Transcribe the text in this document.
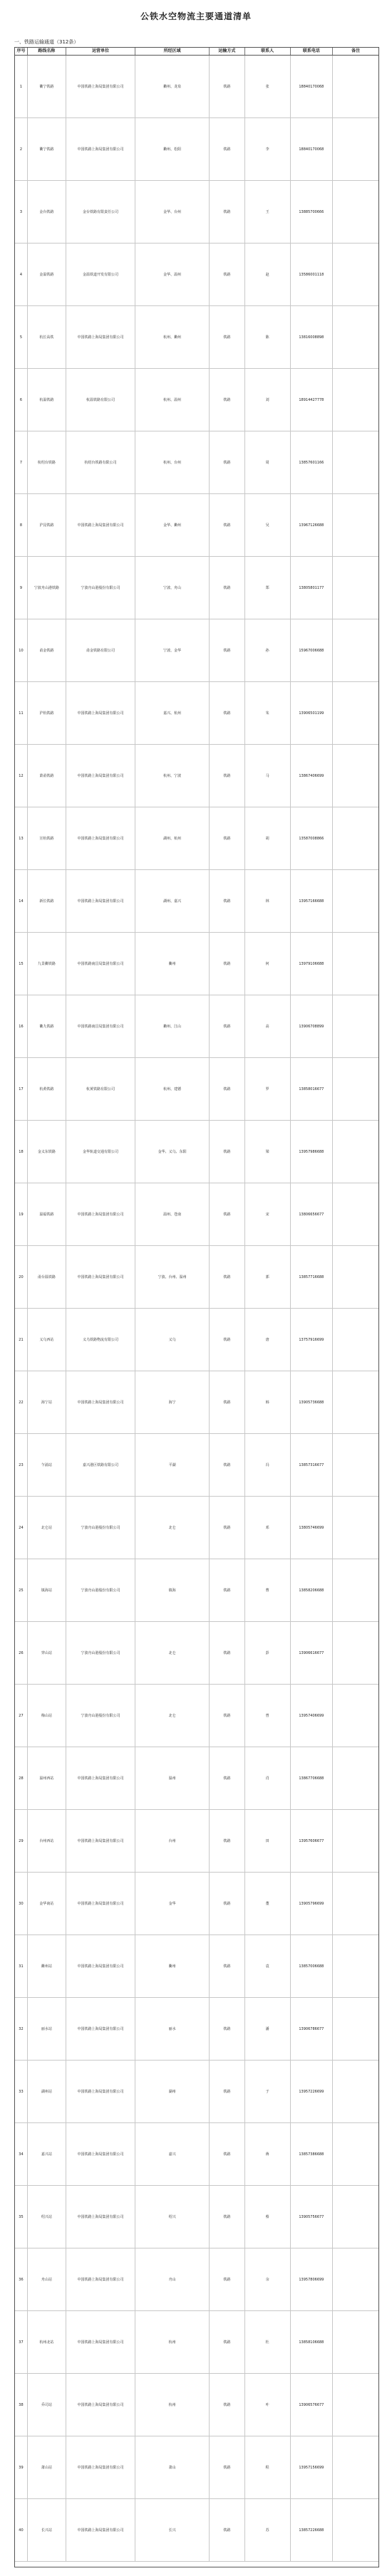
公铁水空物流主要通道清单
一、铁路运输通道（312条）
序号	路线名称	运营单位	所经区域	运输方式	联系人	联系电话	备注
1	衢宁铁路	中国铁路上海局集团有限公司	衢州、龙泉	铁路	张	18840170068
2	衢宁铁路	中国铁路上海局集团有限公司	衢州、松阳	铁路	李	18840170068
3	金台铁路	金台铁路有限责任公司	金华、台州	铁路	王	13885700666
4	金温铁路	金温铁道开发有限公司	金华、温州	铁路	赵	13586001118
5	杭长高铁	中国铁路上海局集团有限公司	杭州、衢州	铁路	陈	13816008898
6	杭温铁路	杭温铁路有限公司	杭州、温州	铁路	刘	18914427778
7	杭绍台铁路	杭绍台铁路有限公司	杭州、台州	铁路	周	13857601166
8	沪昆铁路	中国铁路上海局集团有限公司	金华、衢州	铁路	吴	13967126688
9	宁波舟山港铁路	宁波舟山港股份有限公司	宁波、舟山	铁路	郑	13805801177
10	甬金铁路	甬金铁路有限公司	宁波、金华	铁路	孙	15967006688
11	沪杭铁路	中国铁路上海局集团有限公司	嘉兴、杭州	铁路	朱	13906501199
12	萧甬铁路	中国铁路上海局集团有限公司	杭州、宁波	铁路	马	13867406699
13	宣杭铁路	中国铁路上海局集团有限公司	湖州、杭州	铁路	胡	13587008866
14	新长铁路	中国铁路上海局集团有限公司	湖州、嘉兴	铁路	林	13957166688
15	九景衢铁路	中国铁路南昌局集团有限公司	衢州	铁路	何	13979106688
16	衢九铁路	中国铁路南昌局集团有限公司	衢州、江山	铁路	高	13906708899
17	杭黄铁路	杭黄铁路有限公司	杭州、建德	铁路	罗	13858016677
18	金义东铁路	金华轨道交通有限公司	金华、义乌、东阳	铁路	梁	13957986688
19	温福铁路	中国铁路上海局集团有限公司	温州、苍南	铁路	宋	13806656677
20	甬台温铁路	中国铁路上海局集团有限公司	宁波、台州、温州	铁路	郭	13857716688
21	义乌西站	义乌铁路物流有限公司	义乌	铁路	唐	13757916699
22	海宁站	中国铁路上海局集团有限公司	海宁	铁路	韩	13905736688
23	乍浦站	嘉兴港区铁路有限公司	平湖	铁路	冯	13857316677
24	北仑站	宁波舟山港股份有限公司	北仑	铁路	邓	13805746699
25	镇海站	宁波舟山港股份有限公司	镇海	铁路	曹	13858206688
26	穿山站	宁波舟山港股份有限公司	北仑	铁路	彭	13906616677
27	梅山站	宁波舟山港股份有限公司	北仑	铁路	曾	13957406699
28	温州西站	中国铁路上海局集团有限公司	温州	铁路	肖	13867706688
29	台州西站	中国铁路上海局集团有限公司	台州	铁路	田	13957606677
30	金华南站	中国铁路上海局集团有限公司	金华	铁路	董	13905796699
31	衢州站	中国铁路上海局集团有限公司	衢州	铁路	袁	13857006688
32	丽水站	中国铁路上海局集团有限公司	丽水	铁路	潘	13906786677
33	湖州站	中国铁路上海局集团有限公司	湖州	铁路	于	13957226699
34	嘉兴站	中国铁路上海局集团有限公司	嘉兴	铁路	蒋	13857386688
35	绍兴站	中国铁路上海局集团有限公司	绍兴	铁路	蔡	13905756677
36	舟山站	中国铁路上海局集团有限公司	舟山	铁路	余	13957806699
37	杭州北站	中国铁路上海局集团有限公司	杭州	铁路	杜	13858106688
38	乔司站	中国铁路上海局集团有限公司	杭州	铁路	叶	13906576677
39	萧山站	中国铁路上海局集团有限公司	萧山	铁路	程	13957156699
40	长兴站	中国铁路上海局集团有限公司	长兴	铁路	苏	13857226688
